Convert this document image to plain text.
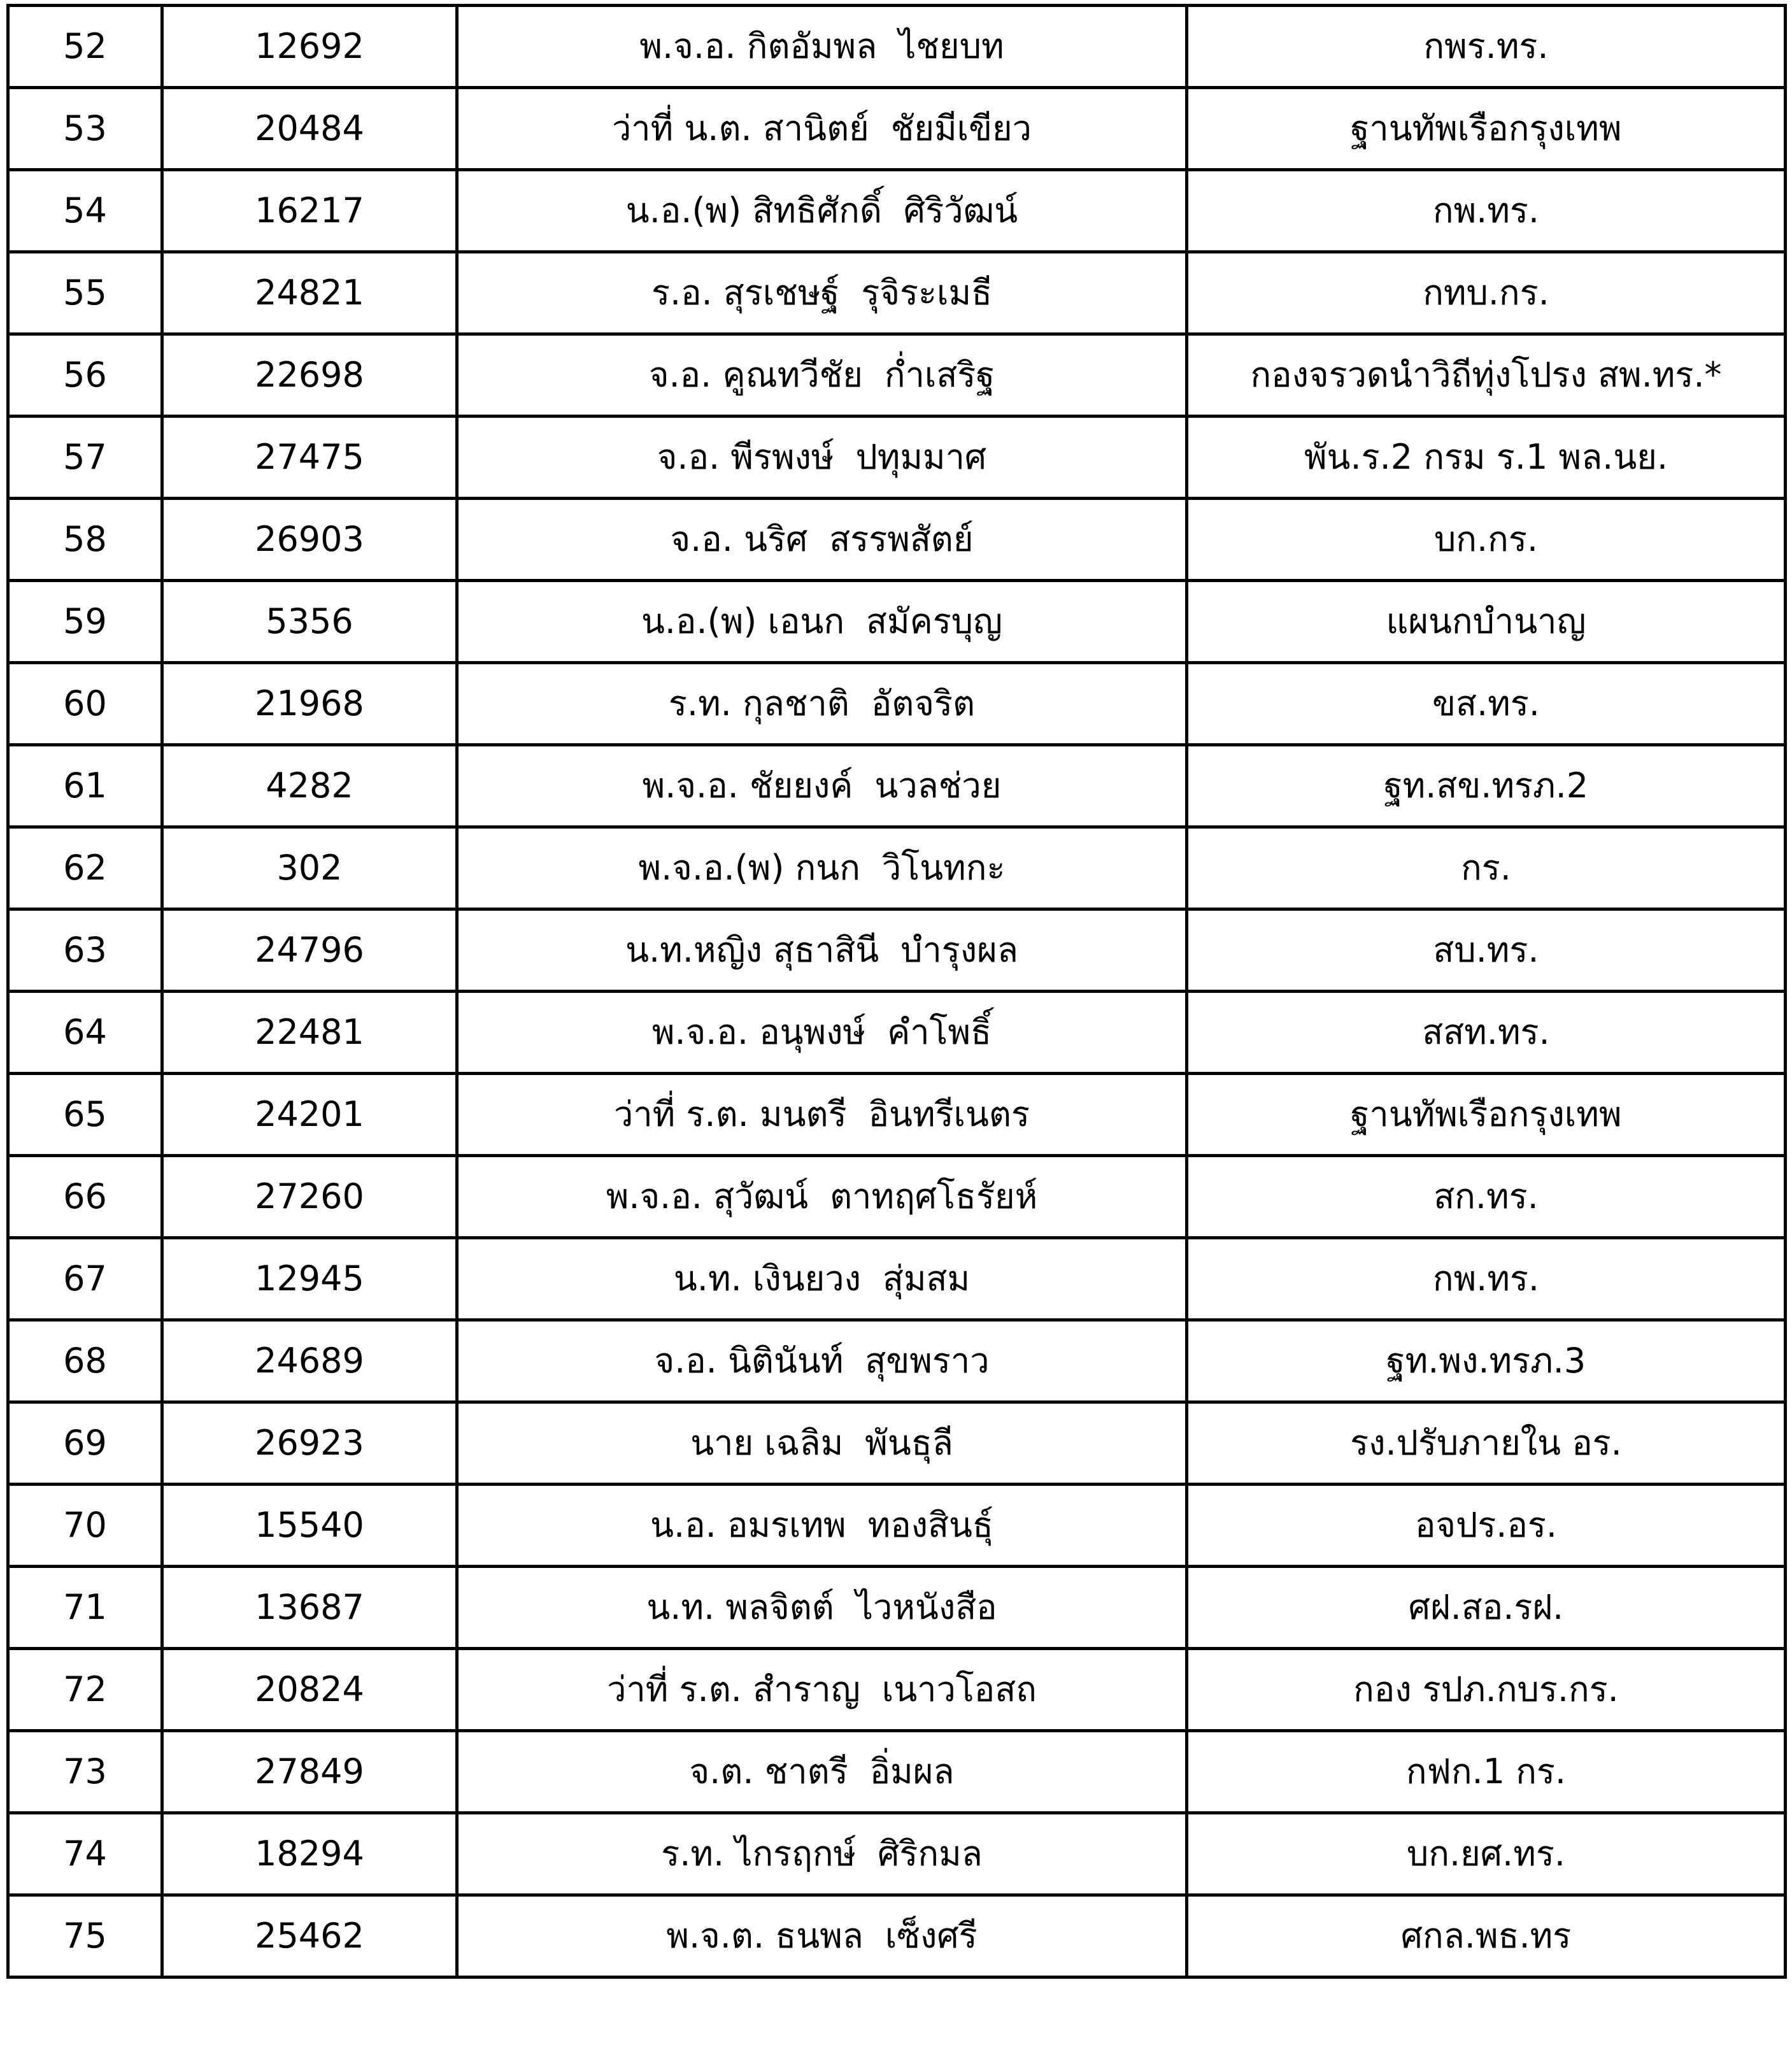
52	12692	พ.จ.อ. กิตอัมพล ไชยบท	กพร.ทร.
53	20484	ว่าที่ น.ต. สานิตย์ ชัยมีเขียว	ฐานทัพเรือกรุงเทพ
54	16217	น.อ.(พ) สิทธิศักดิ์ ศิริวัฒน์	กพ.ทร.
55	24821	ร.อ. สุรเชษฐ์ รุจิระเมธี	กทบ.กร.
56	22698	จ.อ. คูณทวีชัย ก่ำเสริฐ	กองจรวดนำวิถีทุ่งโปรง สพ.ทร.*
57	27475	จ.อ. พีรพงษ์ ปทุมมาศ	พัน.ร.2 กรม ร.1 พล.นย.
58	26903	จ.อ. นริศ สรรพสัตย์	บก.กร.
59	5356	น.อ.(พ) เอนก สมัครบุญ	แผนกบำนาญ
60	21968	ร.ท. กุลชาติ อัตจริต	ขส.ทร.
61	4282	พ.จ.อ. ชัยยงค์ นวลช่วย	ฐท.สข.ทรภ.2
62	302	พ.จ.อ.(พ) กนก วิโนทกะ	กร.
63	24796	น.ท.หญิง สุธาสินี บำรุงผล	สบ.ทร.
64	22481	พ.จ.อ. อนุพงษ์ คำโพธิ์	สสท.ทร.
65	24201	ว่าที่ ร.ต. มนตรี อินทรีเนตร	ฐานทัพเรือกรุงเทพ
66	27260	พ.จ.อ. สุวัฒน์ ตาทฤศโธรัยห์	สก.ทร.
67	12945	น.ท. เงินยวง สุ่มสม	กพ.ทร.
68	24689	จ.อ. นิตินันท์ สุขพราว	ฐท.พง.ทรภ.3
69	26923	นาย เฉลิม พันธุลี	รง.ปรับภายใน อร.
70	15540	น.อ. อมรเทพ ทองสินธุ์	อจปร.อร.
71	13687	น.ท. พลจิตต์ ไวหนังสือ	ศฝ.สอ.รฝ.
72	20824	ว่าที่ ร.ต. สำราญ เนาวโอสถ	กอง รปภ.กบร.กร.
73	27849	จ.ต. ชาตรี อิ่มผล	กฟก.1 กร.
74	18294	ร.ท. ไกรฤกษ์ ศิริกมล	บก.ยศ.ทร.
75	25462	พ.จ.ต. ธนพล เซ็งศรี	ศกล.พธ.ทร
